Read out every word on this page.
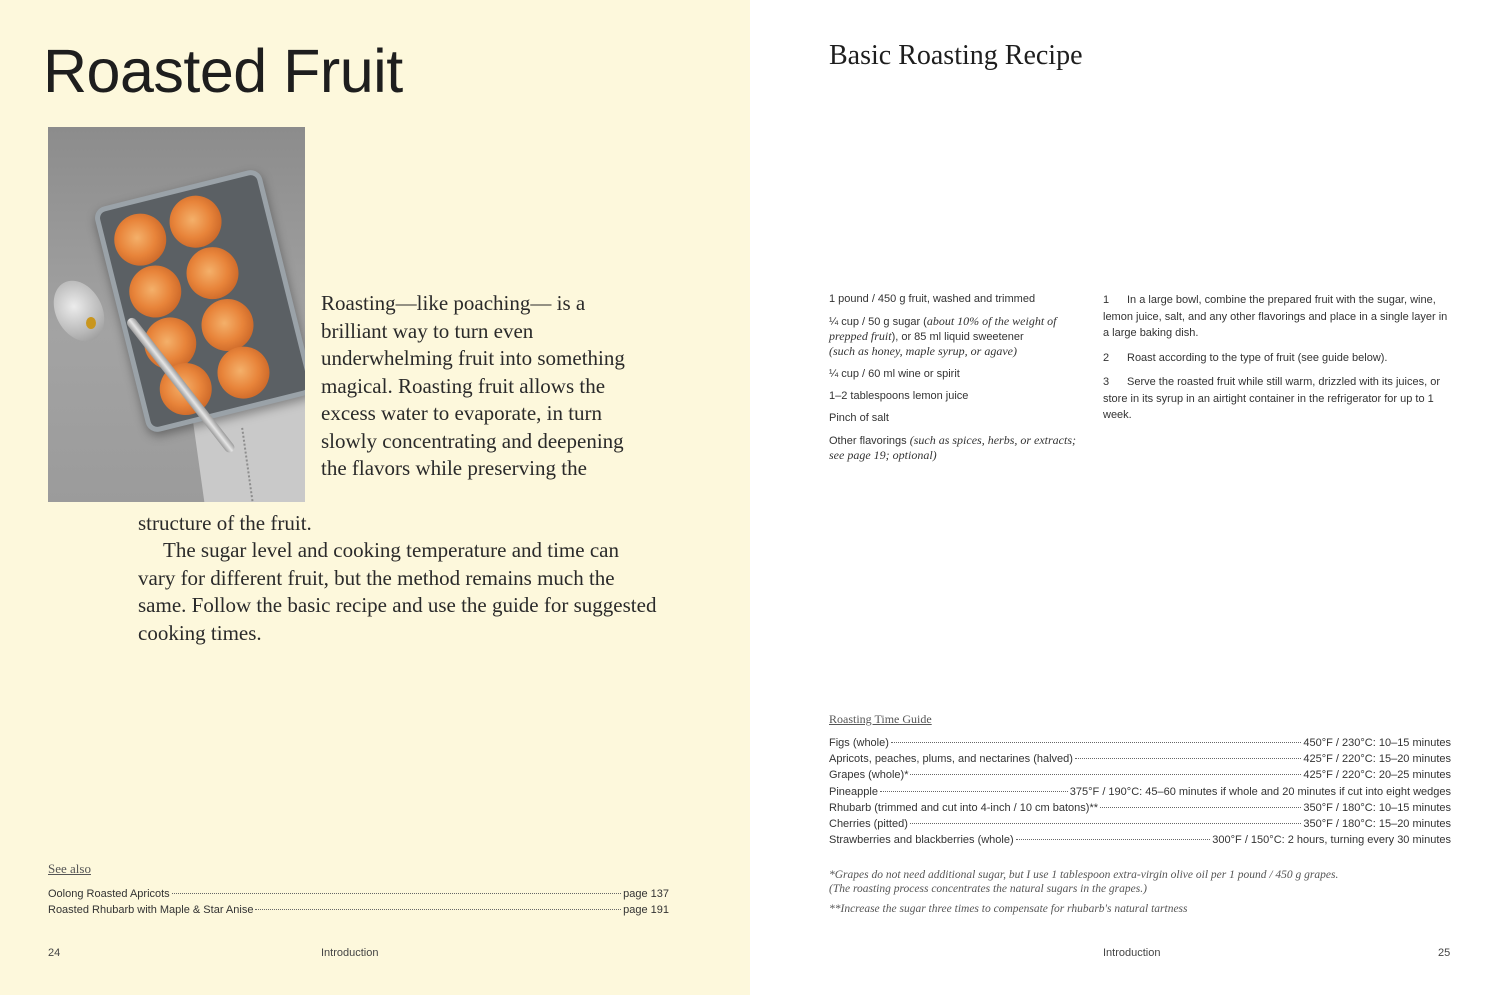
Roasted Fruit

Roasting—like poaching— is a brilliant way to turn even underwhelming fruit into something magical. Roasting fruit allows the excess water to evaporate, in turn slowly concentrating and deepening the flavors while preserving the

structure of the fruit.

The sugar level and cooking temperature and time can vary for different fruit, but the method remains much the same. Follow the basic recipe and use the guide for suggested cooking times.

See also

Oolong Roasted Apricots	page 137
Roasted Rhubarb with Maple & Star Anise	page 191
24	Introduction
Basic Roasting Recipe
1 pound / 450 g fruit, washed and trimmed
¼ cup / 50 g sugar (about 10% of the weight of prepped fruit), or 85 ml liquid sweetener
(such as honey, maple syrup, or agave)
¼ cup / 60 ml wine or spirit
1–2 tablespoons lemon juice
Pinch of salt
Other flavorings (such as spices, herbs, or extracts; see page 19; optional)
1 In a large bowl, combine the prepared fruit with the sugar, wine, lemon juice, salt, and any other flavorings and place in a single layer in a large baking dish.
2 Roast according to the type of fruit (see guide below).
3 Serve the roasted fruit while still warm, drizzled with its juices, or store in its syrup in an airtight container in the refrigerator for up to 1 week.
Roasting Time Guide
Figs (whole)	450°F / 230°C: 10–15 minutes
Apricots, peaches, plums, and nectarines (halved)	425°F / 220°C: 15–20 minutes
Grapes (whole)*	425°F / 220°C: 20–25 minutes
Pineapple	375°F / 190°C: 45–60 minutes if whole and 20 minutes if cut into eight wedges
Rhubarb (trimmed and cut into 4-inch / 10 cm batons)**	350°F / 180°C: 10–15 minutes
Cherries (pitted)	350°F / 180°C: 15–20 minutes
Strawberries and blackberries (whole)	300°F / 150°C: 2 hours, turning every 30 minutes

*Grapes do not need additional sugar, but I use 1 tablespoon extra-virgin olive oil per 1 pound / 450 g grapes.
(The roasting process concentrates the natural sugars in the grapes.)

**Increase the sugar three times to compensate for rhubarb's natural tartness

Introduction	25
